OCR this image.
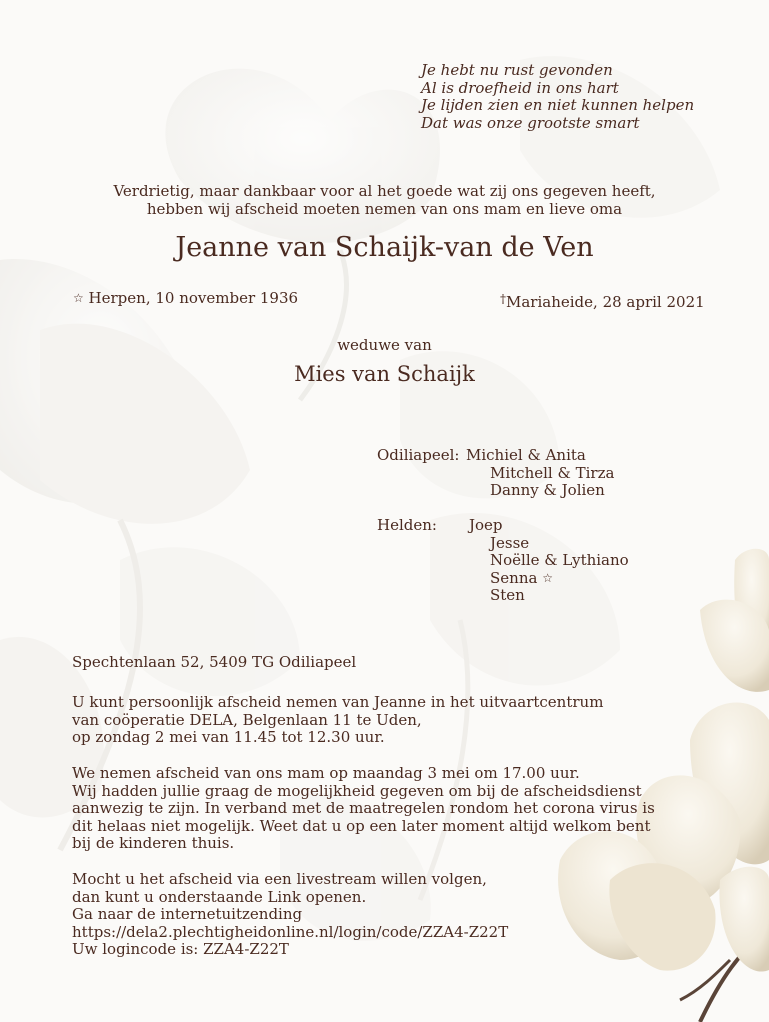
Je hebt nu rust gevonden
Al is droefheid in ons hart
Je lijden zien en niet kunnen helpen
Dat was onze grootste smart
Verdrietig, maar dankbaar voor al het goede wat zij ons gegeven heeft,
hebben wij afscheid moeten nemen van ons mam en lieve oma
Jeanne van Schaijk-van de Ven
☆ Herpen, 10 november 1936	†Mariaheide, 28 april 2021
weduwe van
Mies van Schaijk
Odiliapeel: Michiel & Anita
Mitchell & Tirza
Danny & Jolien
Helden: Joep
Jesse
Noëlle & Lythiano
Senna ☆
Sten
Spechtenlaan 52, 5409 TG Odiliapeel
U kunt persoonlijk afscheid nemen van Jeanne in het uitvaartcentrum
van coöperatie DELA, Belgenlaan 11 te Uden,
op zondag 2 mei van 11.45 tot 12.30 uur.
We nemen afscheid van ons mam op maandag 3 mei om 17.00 uur.
Wij hadden jullie graag de mogelijkheid gegeven om bij de afscheidsdienst
aanwezig te zijn. In verband met de maatregelen rondom het corona virus is
dit helaas niet mogelijk. Weet dat u op een later moment altijd welkom bent
bij de kinderen thuis.
Mocht u het afscheid via een livestream willen volgen,
dan kunt u onderstaande Link openen.
Ga naar de internetuitzending
https://dela2.plechtigheidonline.nl/login/code/ZZA4-Z22T
Uw logincode is: ZZA4-Z22T
